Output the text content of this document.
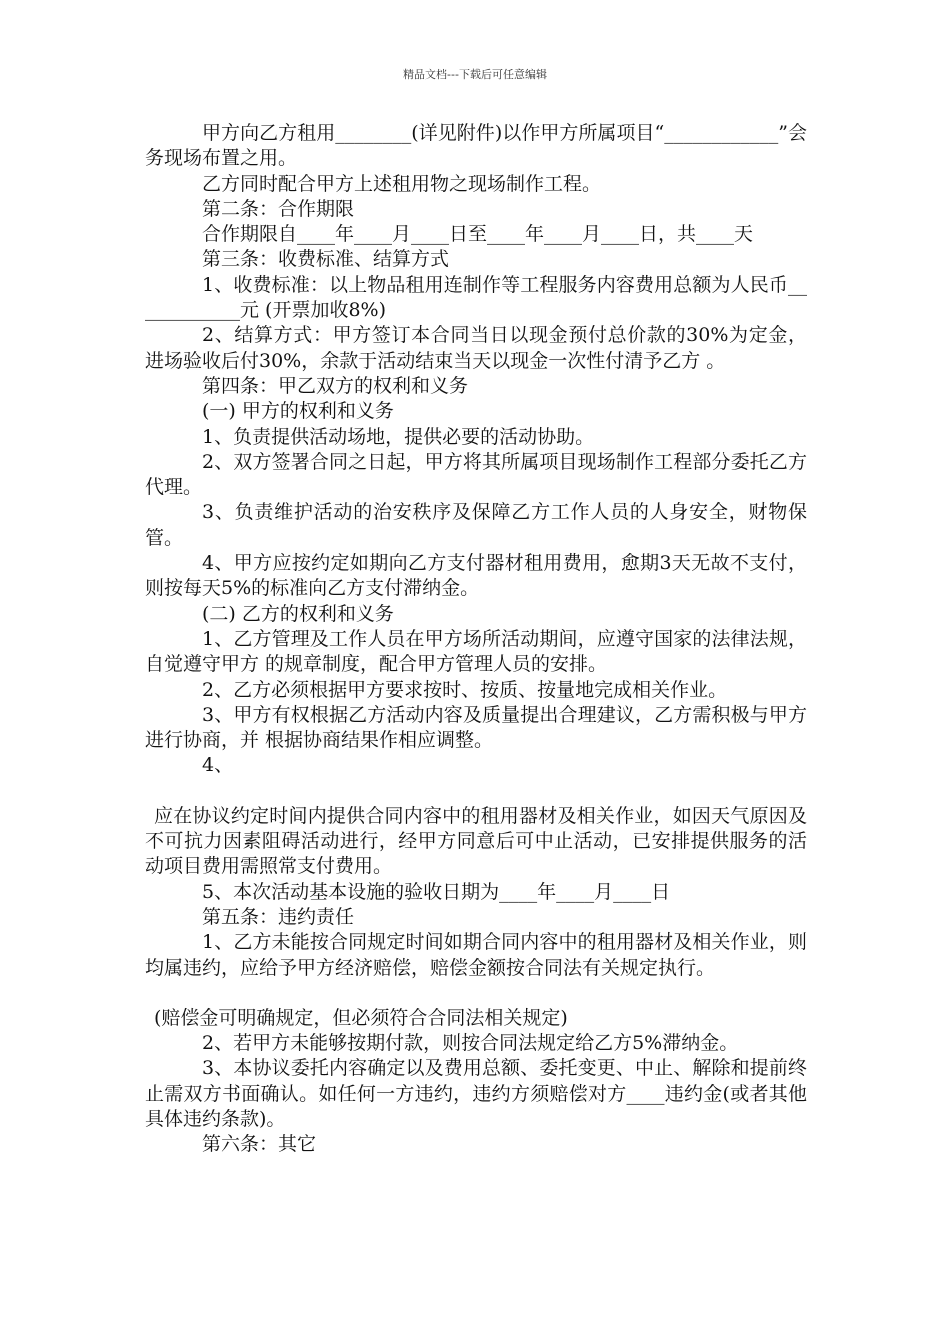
精品文档---下载后可任意编辑

甲方向乙方租用________(详见附件)以作甲方所属项目“____________”会务现场布置之用。

乙方同时配合甲方上述租用物之现场制作工程。

第二条：合作期限

合作期限自____年____月____日至____年____月____日，共____天

第三条：收费标准、结算方式

1、收费标准：以上物品租用连制作等工程服务内容费用总额为人民币____________元 (开票加收8%)

2、结算方式：甲方签订本合同当日以现金预付总价款的30%为定金，进场验收后付30%，余款于活动结束当天以现金一次性付清予乙方 。

第四条：甲乙双方的权利和义务

(一) 甲方的权利和义务

1、负责提供活动场地，提供必要的活动协助。

2、双方签署合同之日起，甲方将其所属项目现场制作工程部分委托乙方代理。

3、负责维护活动的治安秩序及保障乙方工作人员的人身安全，财物保管。

4、甲方应按约定如期向乙方支付器材租用费用，愈期3天无故不支付，则按每天5%的标准向乙方支付滞纳金。

(二) 乙方的权利和义务

1、乙方管理及工作人员在甲方场所活动期间，应遵守国家的法律法规，自觉遵守甲方 的规章制度，配合甲方管理人员的安排。

2、乙方必须根据甲方要求按时、按质、按量地完成相关作业。

3、甲方有权根据乙方活动内容及质量提出合理建议，乙方需积极与甲方进行协商，并 根据协商结果作相应调整。

4、

应在协议约定时间内提供合同内容中的租用器材及相关作业，如因天气原因及不可抗力因素阻碍活动进行，经甲方同意后可中止活动，已安排提供服务的活动项目费用需照常支付费用。

5、本次活动基本设施的验收日期为____年____月____日

第五条：违约责任

1、乙方未能按合同规定时间如期合同内容中的租用器材及相关作业，则均属违约，应给予甲方经济赔偿，赔偿金额按合同法有关规定执行。

(赔偿金可明确规定，但必须符合合同法相关规定)

2、若甲方未能够按期付款，则按合同法规定给乙方5%滞纳金。

3、本协议委托内容确定以及费用总额、委托变更、中止、解除和提前终止需双方书面确认。如任何一方违约，违约方须赔偿对方____违约金(或者其他具体违约条款)。

第六条：其它
